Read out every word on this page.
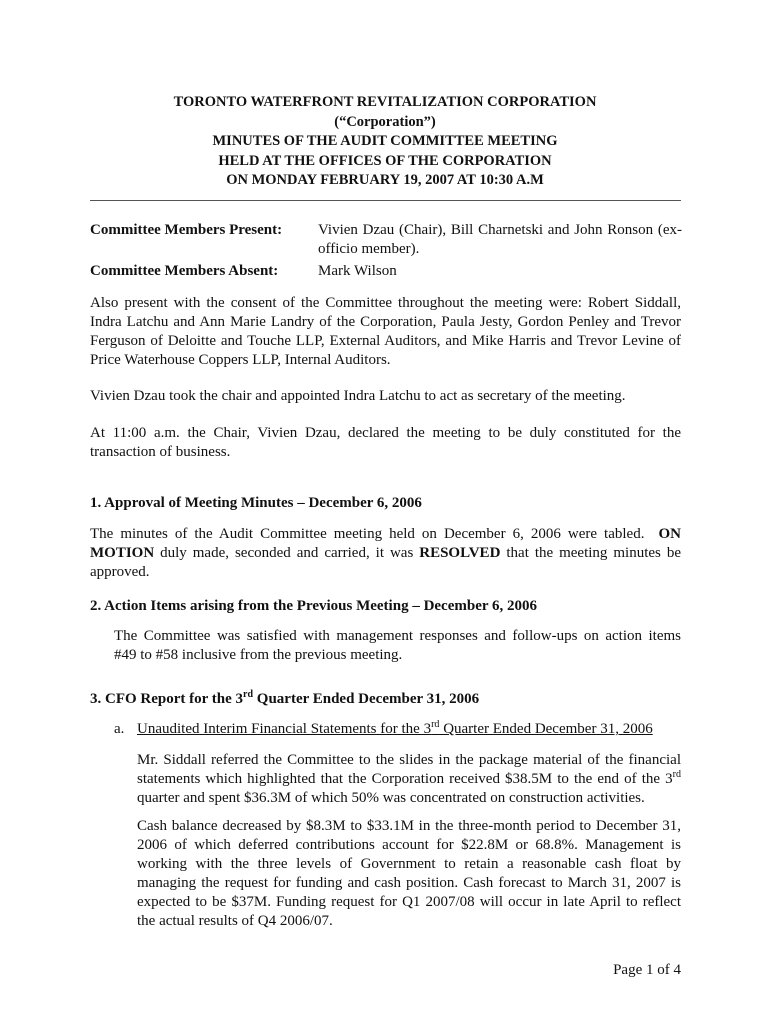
TORONTO WATERFRONT REVITALIZATION CORPORATION
(“Corporation”)
MINUTES OF THE AUDIT COMMITTEE MEETING
HELD AT THE OFFICES OF THE CORPORATION
ON MONDAY FEBRUARY 19, 2007 AT 10:30 A.M
Committee Members Present: Vivien Dzau (Chair), Bill Charnetski and John Ronson (ex-
officio member).
Committee Members Absent:	Mark Wilson
Also present with the consent of the Committee throughout the meeting were: Robert Siddall,
Indra Latchu and Ann Marie Landry of the Corporation, Paula Jesty, Gordon Penley and Trevor
Ferguson of Deloitte and Touche LLP, External Auditors, and Mike Harris and Trevor Levine of
Price Waterhouse Coppers LLP, Internal Auditors.
Vivien Dzau took the chair and appointed Indra Latchu to act as secretary of the meeting.
At 11:00 a.m. the Chair, Vivien Dzau, declared the meeting to be duly constituted for the
transaction of business.
1. Approval of Meeting Minutes – December 6, 2006
The minutes of the Audit Committee meeting held on December 6, 2006 were tabled. ON
MOTION duly made, seconded and carried, it was RESOLVED that the meeting minutes be
approved.
2. Action Items arising from the Previous Meeting – December 6, 2006
The Committee was satisfied with management responses and follow-ups on action items
#49 to #58 inclusive from the previous meeting.
3. CFO Report for the 3rd Quarter Ended December 31, 2006
a. Unaudited Interim Financial Statements for the 3rd Quarter Ended December 31, 2006
Mr. Siddall referred the Committee to the slides in the package material of the financial
statements which highlighted that the Corporation received $38.5M to the end of the 3rd
quarter and spent $36.3M of which 50% was concentrated on construction activities.
Cash balance decreased by $8.3M to $33.1M in the three-month period to December 31,
2006 of which deferred contributions account for $22.8M or 68.8%. Management is
working with the three levels of Government to retain a reasonable cash float by
managing the request for funding and cash position. Cash forecast to March 31, 2007 is
expected to be $37M. Funding request for Q1 2007/08 will occur in late April to reflect
the actual results of Q4 2006/07.
Page 1 of 4
